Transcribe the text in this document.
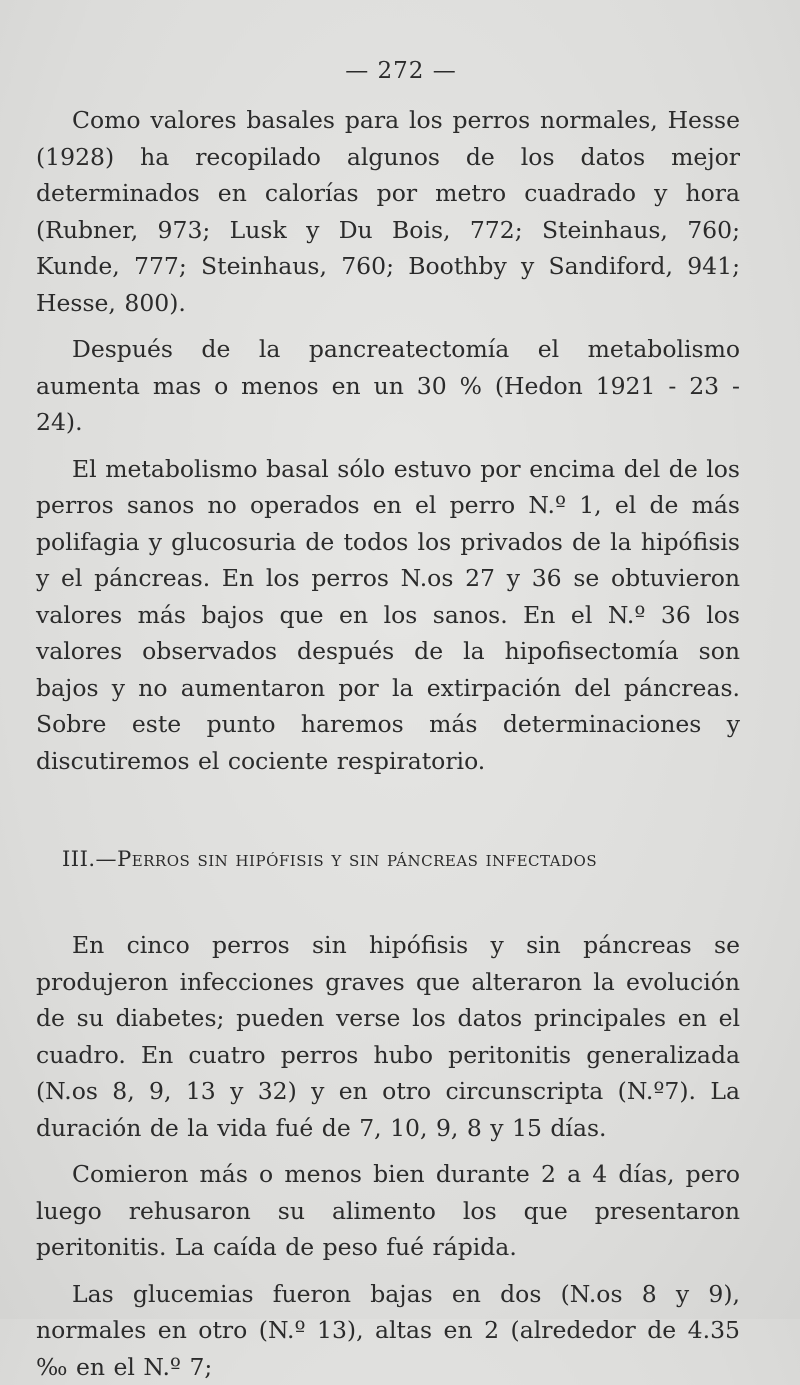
— 272 —

Como valores basales para los perros normales, Hesse (1928) ha recopilado algunos de los datos mejor determinados en calorías por metro cuadrado y hora (Rubner, 973; Lusk y Du Bois, 772; Steinhaus, 760; Kunde, 777; Steinhaus, 760; Boothby y Sandiford, 941; Hesse, 800).

Después de la pancreatectomía el metabolismo aumenta mas o menos en un 30 % (Hedon 1921 - 23 - 24).

El metabolismo basal sólo estuvo por encima del de los perros sanos no operados en el perro N.º 1, el de más polifagia y glucosuria de todos los privados de la hipófisis y el páncreas. En los perros N.os 27 y 36 se obtuvieron valores más bajos que en los sanos. En el N.º 36 los valores observados después de la hipofisectomía son bajos y no aumentaron por la extirpación del páncreas. Sobre este punto haremos más determinaciones y discutiremos el cociente respiratorio.

III.—Perros sin hipófisis y sin páncreas infectados

En cinco perros sin hipófisis y sin páncreas se produjeron infecciones graves que alteraron la evolución de su diabetes; pueden verse los datos principales en el cuadro. En cuatro perros hubo peritonitis generalizada (N.os 8, 9, 13 y 32) y en otro circunscripta (N.º7). La duración de la vida fué de 7, 10, 9, 8 y 15 días.

Comieron más o menos bien durante 2 a 4 días, pero luego rehusaron su alimento los que presentaron peritonitis. La caída de peso fué rápida.

Las glucemias fueron bajas en dos (N.os 8 y 9), normales en otro (N.º 13), altas en 2 (alrededor de 4.35 ‰ en el N.º 7;
